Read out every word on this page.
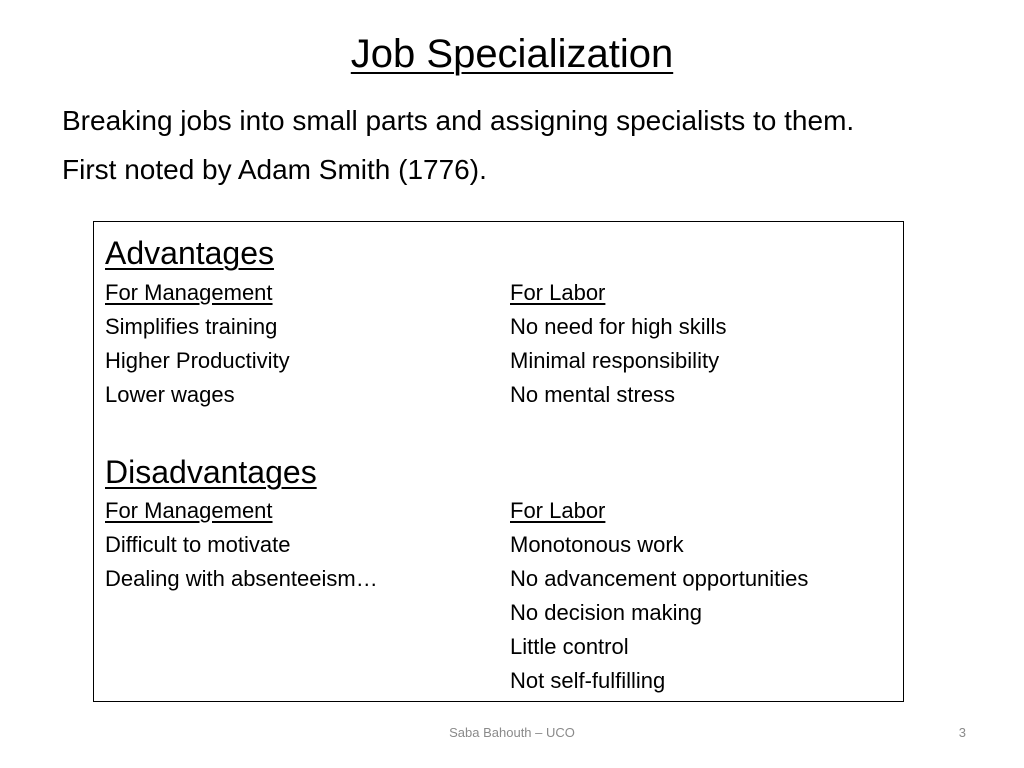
Job Specialization
Breaking jobs into small parts and assigning specialists to them.
First noted by Adam Smith (1776).
Advantages
For Management
Simplifies training
Higher Productivity
Lower wages
For Labor
No need for high skills
Minimal responsibility
No mental stress
Disadvantages
For Management
Difficult to motivate
Dealing with absenteeism…
For Labor
Monotonous work
No advancement opportunities
No decision making
Little control
Not self-fulfilling
Saba Bahouth – UCO	3
